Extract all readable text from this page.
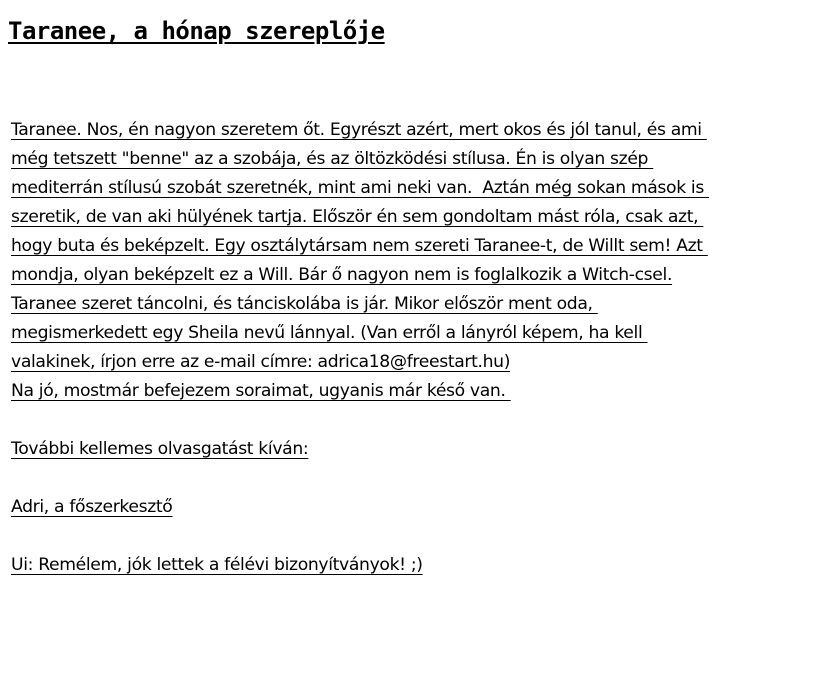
Taranee, a hónap szereplője
Taranee. Nos, én nagyon szeretem őt. Egyrészt azért, mert okos és jól tanul, és ami
még tetszett "benne" az a szobája, és az öltözködési stílusa. Én is olyan szép
mediterrán stílusú szobát szeretnék, mint ami neki van.  Aztán még sokan mások is
szeretik, de van aki hülyének tartja. Először én sem gondoltam mást róla, csak azt,
hogy buta és beképzelt. Egy osztálytársam nem szereti Taranee-t, de Willt sem! Azt
mondja, olyan beképzelt ez a Will. Bár ő nagyon nem is foglalkozik a Witch-csel.
Taranee szeret táncolni, és tánciskolába is jár. Mikor először ment oda,
megismerkedett egy Sheila nevű lánnyal. (Van erről a lányról képem, ha kell
valakinek, írjon erre az e-mail címre: adrica18@freestart.hu)
Na jó, mostmár befejezem soraimat, ugyanis már késő van.
További kellemes olvasgatást kíván:
Adri, a főszerkesztő
Ui: Remélem, jók lettek a félévi bizonyítványok! ;)
